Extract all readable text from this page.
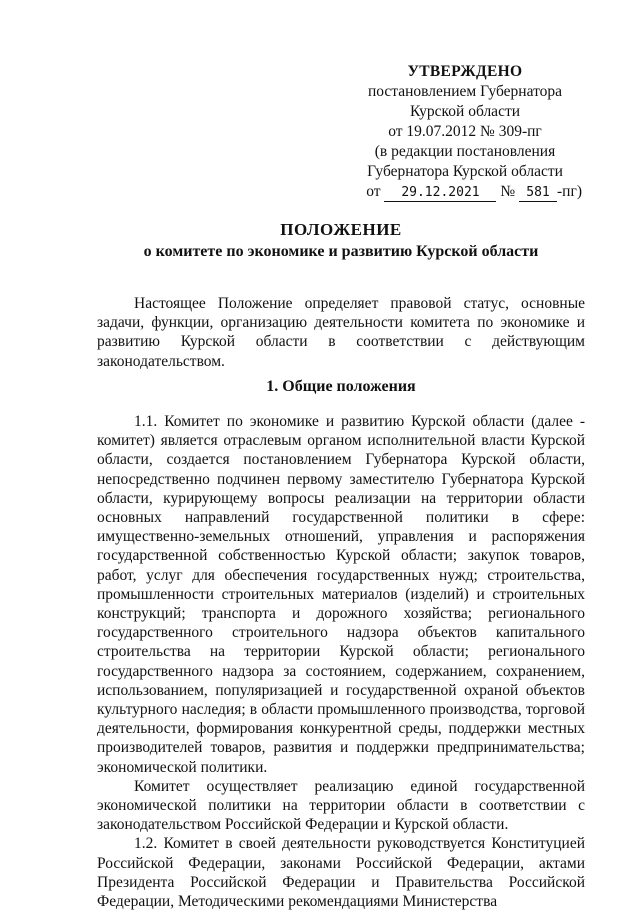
УТВЕРЖДЕНО
постановлением Губернатора
Курской области
от 19.07.2012 № 309-пг
(в редакции постановления
Губернатора Курской области
от 29.12.2021 № 581 -пг)
ПОЛОЖЕНИЕ
о комитете по экономике и развитию Курской области

Настоящее Положение определяет правовой статус, основные задачи, функции, организацию деятельности комитета по экономике и развитию Курской области в соответствии с действующим законодательством.

1. Общие положения

1.1. Комитет по экономике и развитию Курской области (далее - комитет) является отраслевым органом исполнительной власти Курской области, создается постановлением Губернатора Курской области, непосредственно подчинен первому заместителю Губернатора Курской области, курирующему вопросы реализации на территории области основных направлений государственной политики в сфере: имущественно-земельных отношений, управления и распоряжения государственной собственностью Курской области; закупок товаров, работ, услуг для обеспечения государственных нужд; строительства, промышленности строительных материалов (изделий) и строительных конструкций; транспорта и дорожного хозяйства; регионального государственного строительного надзора объектов капитального строительства на территории Курской области; регионального государственного надзора за состоянием, содержанием, сохранением, использованием, популяризацией и государственной охраной объектов культурного наследия; в области промышленного производства, торговой деятельности, формирования конкурентной среды, поддержки местных производителей товаров, развития и поддержки предпринимательства; экономической политики.

Комитет осуществляет реализацию единой государственной экономической политики на территории области в соответствии с законодательством Российской Федерации и Курской области.

1.2. Комитет в своей деятельности руководствуется Конституцией Российской Федерации, законами Российской Федерации, актами Президента Российской Федерации и Правительства Российской Федерации, Методическими рекомендациями Министерства
